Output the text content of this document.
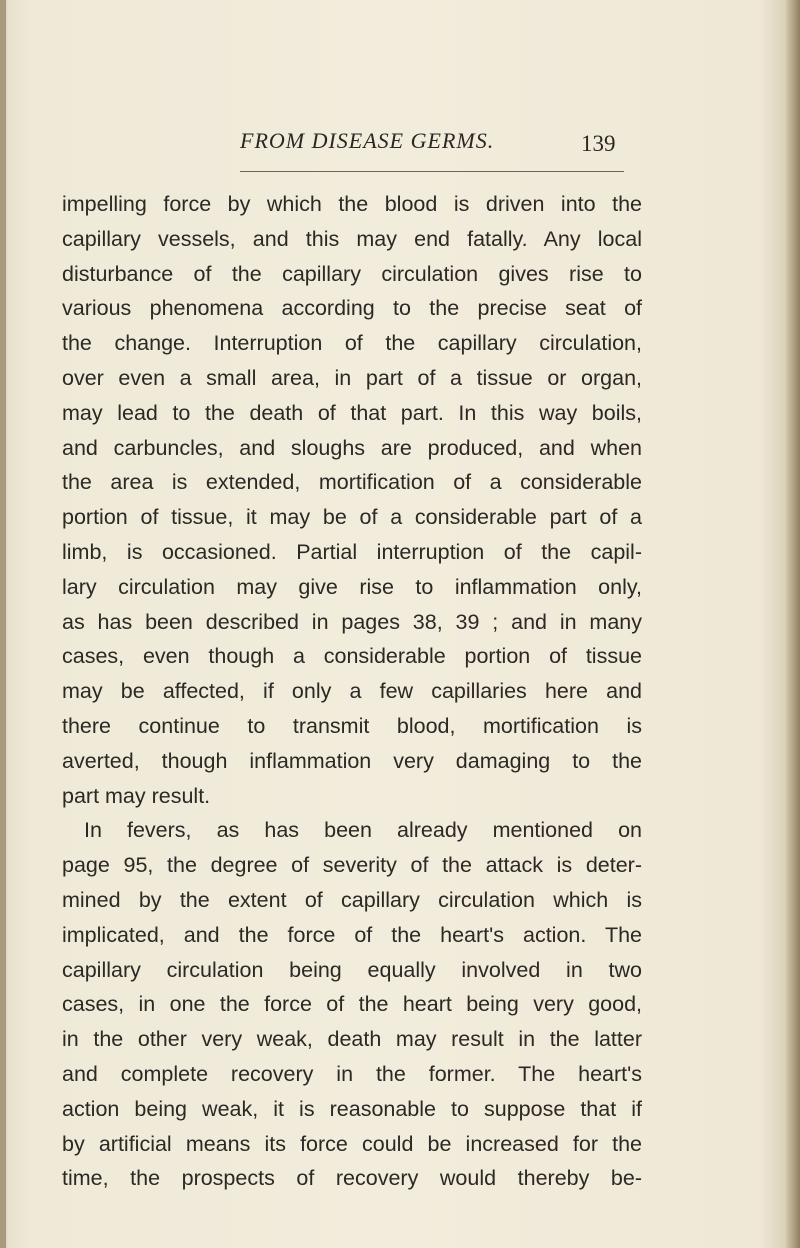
FROM DISEASE GERMS.	139
impelling force by which the blood is driven into the
capillary vessels, and this may end fatally. Any local
disturbance of the capillary circulation gives rise to
various phenomena according to the precise seat of
the change. Interruption of the capillary circulation,
over even a small area, in part of a tissue or organ,
may lead to the death of that part. In this way boils,
and carbuncles, and sloughs are produced, and when
the area is extended, mortification of a considerable
portion of tissue, it may be of a considerable part of a
limb, is occasioned. Partial interruption of the capil-
lary circulation may give rise to inflammation only,
as has been described in pages 38, 39 ; and in many
cases, even though a considerable portion of tissue
may be affected, if only a few capillaries here and
there continue to transmit blood, mortification is
averted, though inflammation very damaging to the
part may result.
In fevers, as has been already mentioned on
page 95, the degree of severity of the attack is deter-
mined by the extent of capillary circulation which is
implicated, and the force of the heart's action. The
capillary circulation being equally involved in two
cases, in one the force of the heart being very good,
in the other very weak, death may result in the latter
and complete recovery in the former. The heart's
action being weak, it is reasonable to suppose that if
by artificial means its force could be increased for the
time, the prospects of recovery would thereby be-
